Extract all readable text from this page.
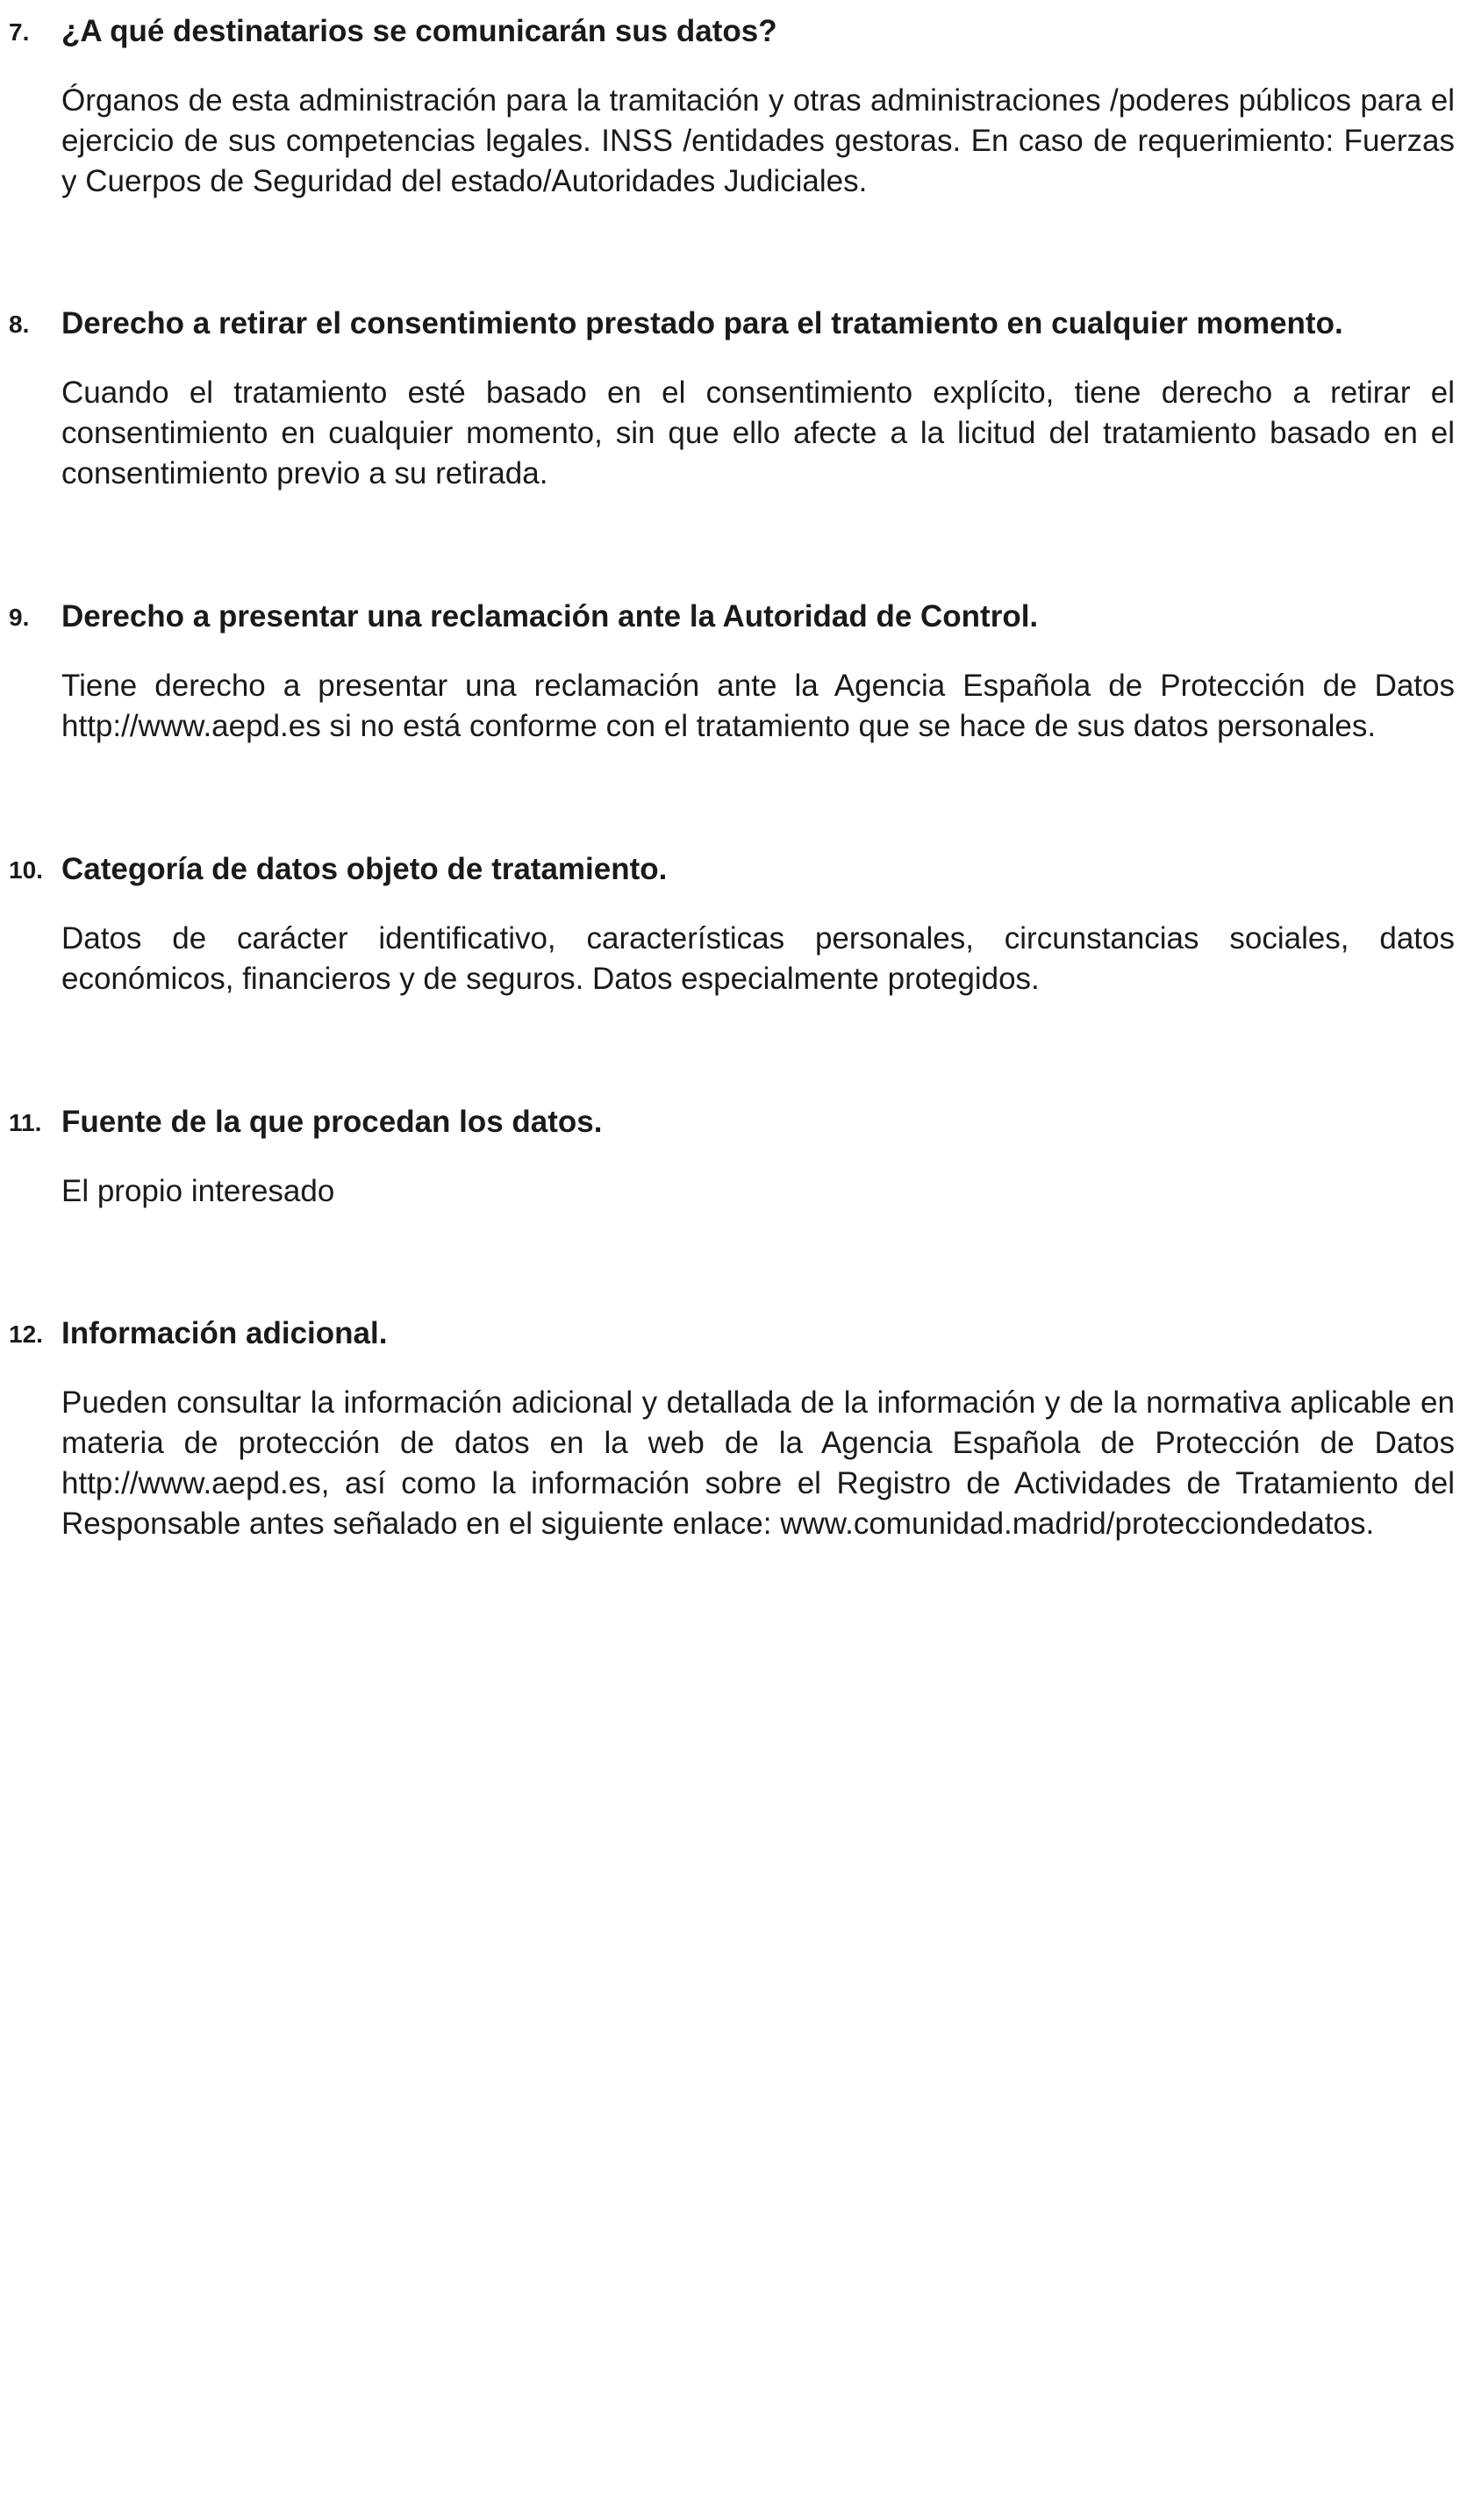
7. ¿A qué destinatarios se comunicarán sus datos?
Órganos de esta administración para la tramitación y otras administraciones /poderes públicos para el ejercicio de sus competencias legales. INSS /entidades gestoras. En caso de requerimiento: Fuerzas y Cuerpos de Seguridad del estado/Autoridades Judiciales.
8. Derecho a retirar el consentimiento prestado para el tratamiento en cualquier momento.
Cuando el tratamiento esté basado en el consentimiento explícito, tiene derecho a retirar el consentimiento en cualquier momento, sin que ello afecte a la licitud del tratamiento basado en el consentimiento previo a su retirada.
9. Derecho a presentar una reclamación ante la Autoridad de Control.
Tiene derecho a presentar una reclamación ante la Agencia Española de Protección de Datos http://www.aepd.es si no está conforme con el tratamiento que se hace de sus datos personales.
10. Categoría de datos objeto de tratamiento.
Datos de carácter identificativo, características personales, circunstancias sociales, datos económicos, financieros y de seguros. Datos especialmente protegidos.
11. Fuente de la que procedan los datos.
El propio interesado
12. Información adicional.
Pueden consultar la información adicional y detallada de la información y de la normativa aplicable en materia de protección de datos en la web de la Agencia Española de Protección de Datos http://www.aepd.es, así como la información sobre el Registro de Actividades de Tratamiento del Responsable antes señalado en el siguiente enlace: www.comunidad.madrid/protecciondedatos.
